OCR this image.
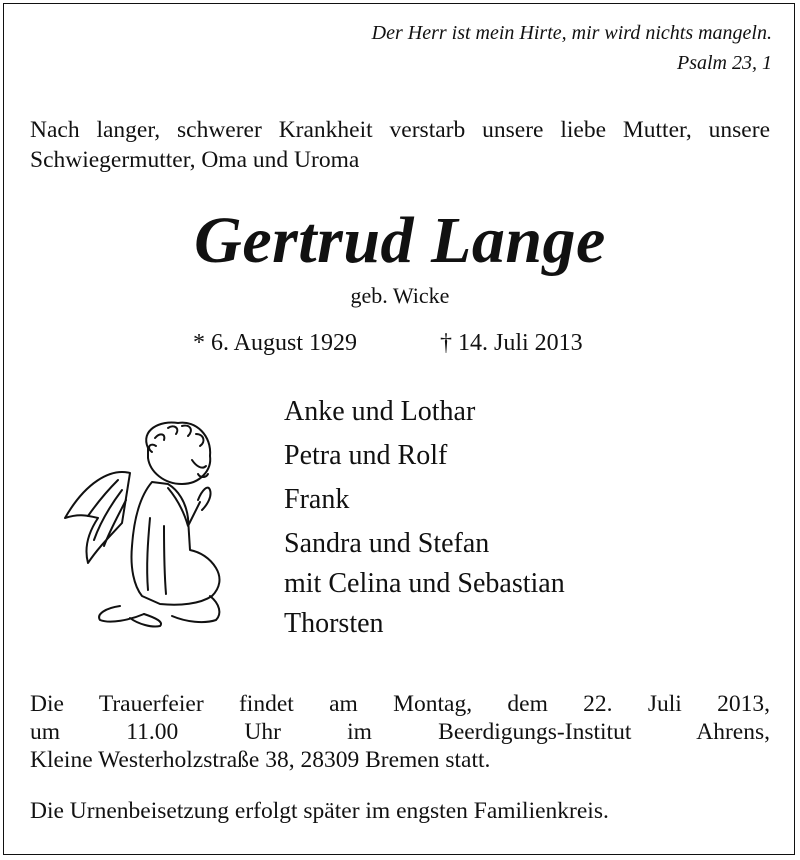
Der Herr ist mein Hirte, mir wird nichts mangeln.
Psalm 23, 1
Nach langer, schwerer Krankheit verstarb unsere liebe Mutter, unsere Schwiegermutter, Oma und Uroma
Gertrud Lange
geb. Wicke
* 6. August 1929	† 14. Juli 2013
Anke und Lothar
Petra und Rolf
Frank
Sandra und Stefan
mit Celina und Sebastian
Thorsten

Die Trauerfeier findet am Montag, dem 22. Juli 2013,

um 11.00 Uhr im Beerdigungs-Institut Ahrens,

Kleine Westerholzstraße 38, 28309 Bremen statt.

Die Urnenbeisetzung erfolgt später im engsten Familienkreis.
